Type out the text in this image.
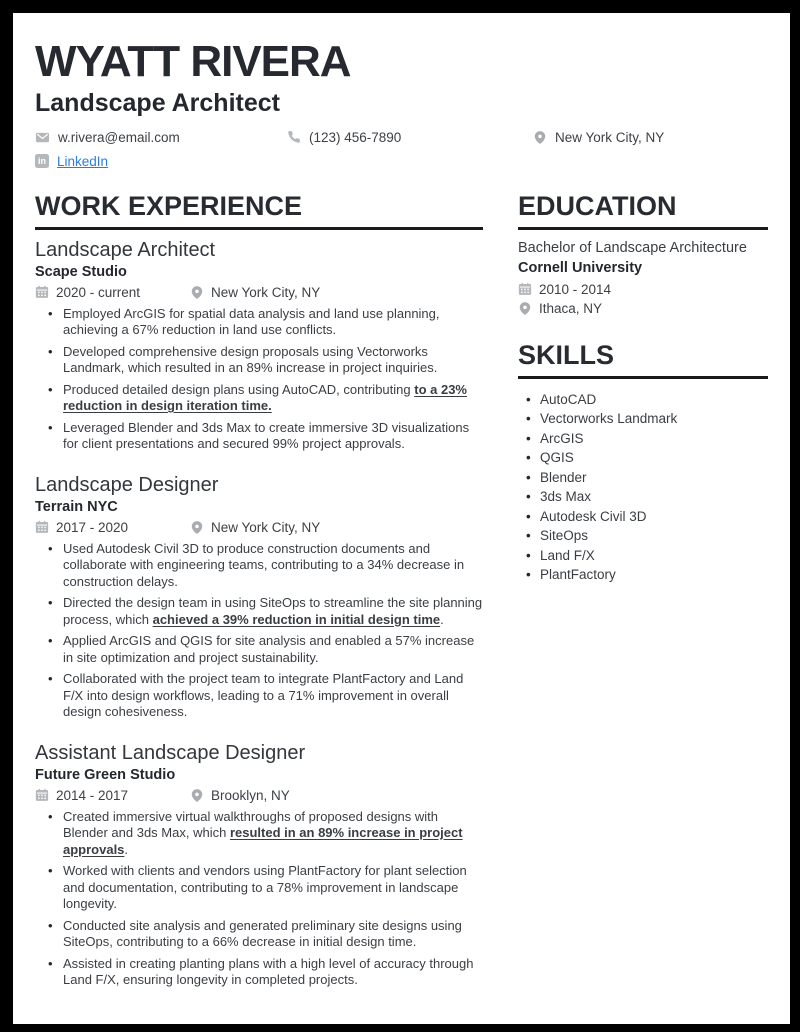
WYATT RIVERA
Landscape Architect
w.rivera@email.com	(123) 456-7890	New York City, NY
in LinkedIn
WORK EXPERIENCE
Landscape Architect
Scape Studio
2020 - current	New York City, NY
• Employed ArcGIS for spatial data analysis and land use planning, achieving a 67% reduction in land use conflicts.
• Developed comprehensive design proposals using Vectorworks Landmark, which resulted in an 89% increase in project inquiries.
• Produced detailed design plans using AutoCAD, contributing to a 23% reduction in design iteration time.
• Leveraged Blender and 3ds Max to create immersive 3D visualizations for client presentations and secured 99% project approvals.
Landscape Designer
Terrain NYC
2017 - 2020	New York City, NY
• Used Autodesk Civil 3D to produce construction documents and collaborate with engineering teams, contributing to a 34% decrease in construction delays.
• Directed the design team in using SiteOps to streamline the site planning process, which achieved a 39% reduction in initial design time.
• Applied ArcGIS and QGIS for site analysis and enabled a 57% increase in site optimization and project sustainability.
• Collaborated with the project team to integrate PlantFactory and Land F/X into design workflows, leading to a 71% improvement in overall design cohesiveness.
Assistant Landscape Designer
Future Green Studio
2014 - 2017	Brooklyn, NY
• Created immersive virtual walkthroughs of proposed designs with Blender and 3ds Max, which resulted in an 89% increase in project approvals.
• Worked with clients and vendors using PlantFactory for plant selection and documentation, contributing to a 78% improvement in landscape longevity.
• Conducted site analysis and generated preliminary site designs using SiteOps, contributing to a 66% decrease in initial design time.
• Assisted in creating planting plans with a high level of accuracy through Land F/X, ensuring longevity in completed projects.
EDUCATION
Bachelor of Landscape Architecture
Cornell University
2010 - 2014
Ithaca, NY
SKILLS
• AutoCAD
• Vectorworks Landmark
• ArcGIS
• QGIS
• Blender
• 3ds Max
• Autodesk Civil 3D
• SiteOps
• Land F/X
• PlantFactory
